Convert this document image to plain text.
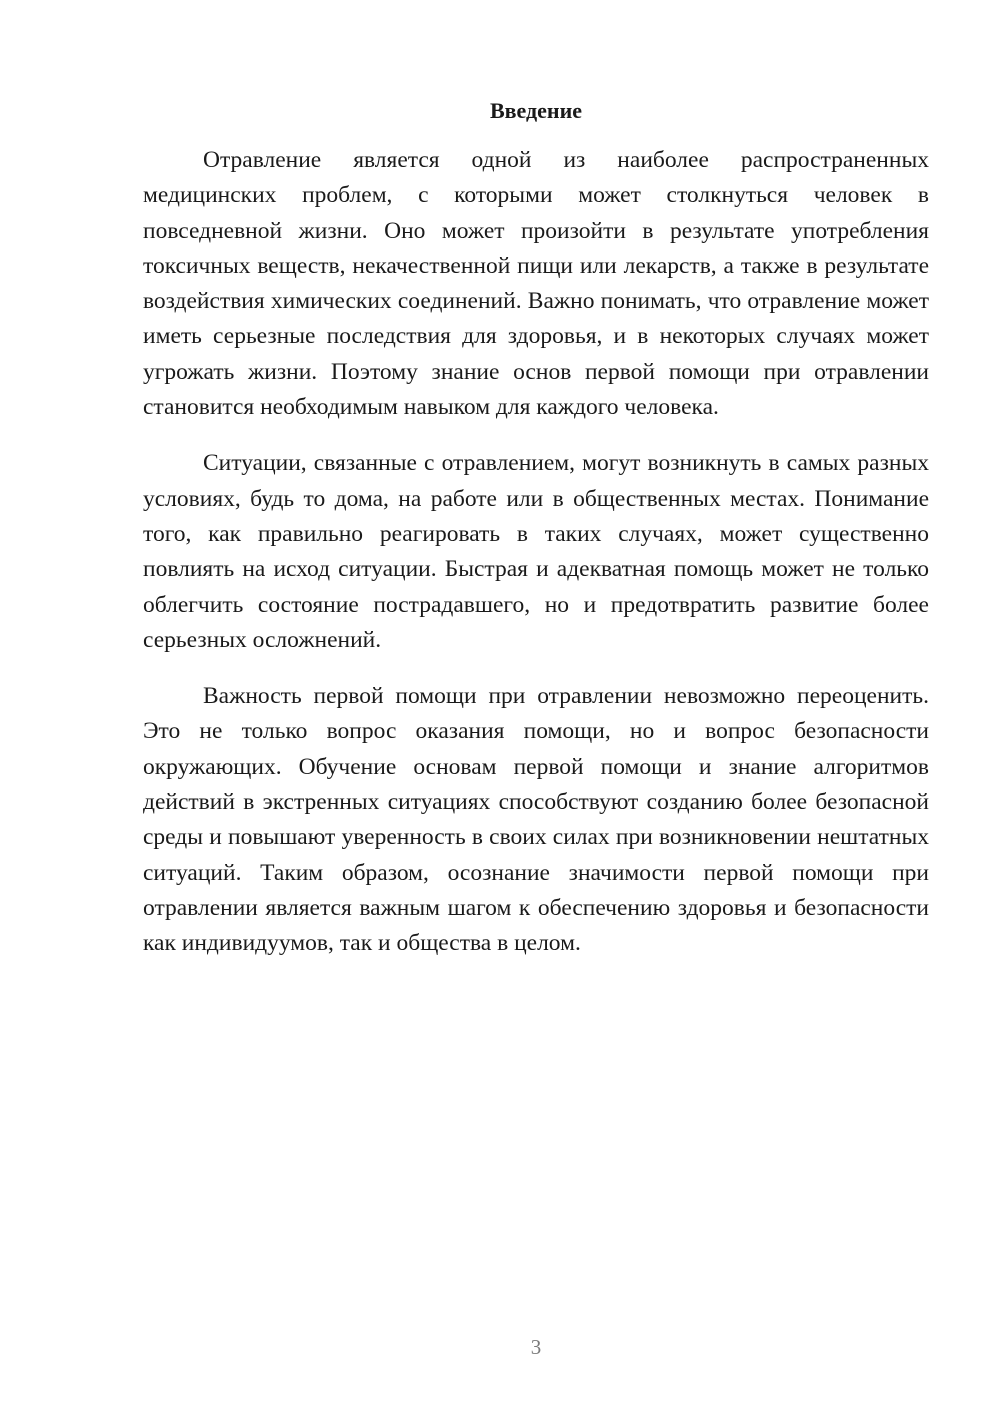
Введение

Отравление является одной из наиболее распространенных медицинских проблем, с которыми может столкнуться человек в повседневной жизни. Оно может произойти в результате употребления токсичных веществ, некачественной пищи или лекарств, а также в результате воздействия химических соединений. Важно понимать, что отравление может иметь серьезные последствия для здоровья, и в некоторых случаях может угрожать жизни. Поэтому знание основ первой помощи при отравлении становится необходимым навыком для каждого человека.

Ситуации, связанные с отравлением, могут возникнуть в самых разных условиях, будь то дома, на работе или в общественных местах. Понимание того, как правильно реагировать в таких случаях, может существенно повлиять на исход ситуации. Быстрая и адекватная помощь может не только облегчить состояние пострадавшего, но и предотвратить развитие более серьезных осложнений.

Важность первой помощи при отравлении невозможно переоценить. Это не только вопрос оказания помощи, но и вопрос безопасности окружающих. Обучение основам первой помощи и знание алгоритмов действий в экстренных ситуациях способствуют созданию более безопасной среды и повышают уверенность в своих силах при возникновении нештатных ситуаций. Таким образом, осознание значимости первой помощи при отравлении является важным шагом к обеспечению здоровья и безопасности как индивидуумов, так и общества в целом.

3
